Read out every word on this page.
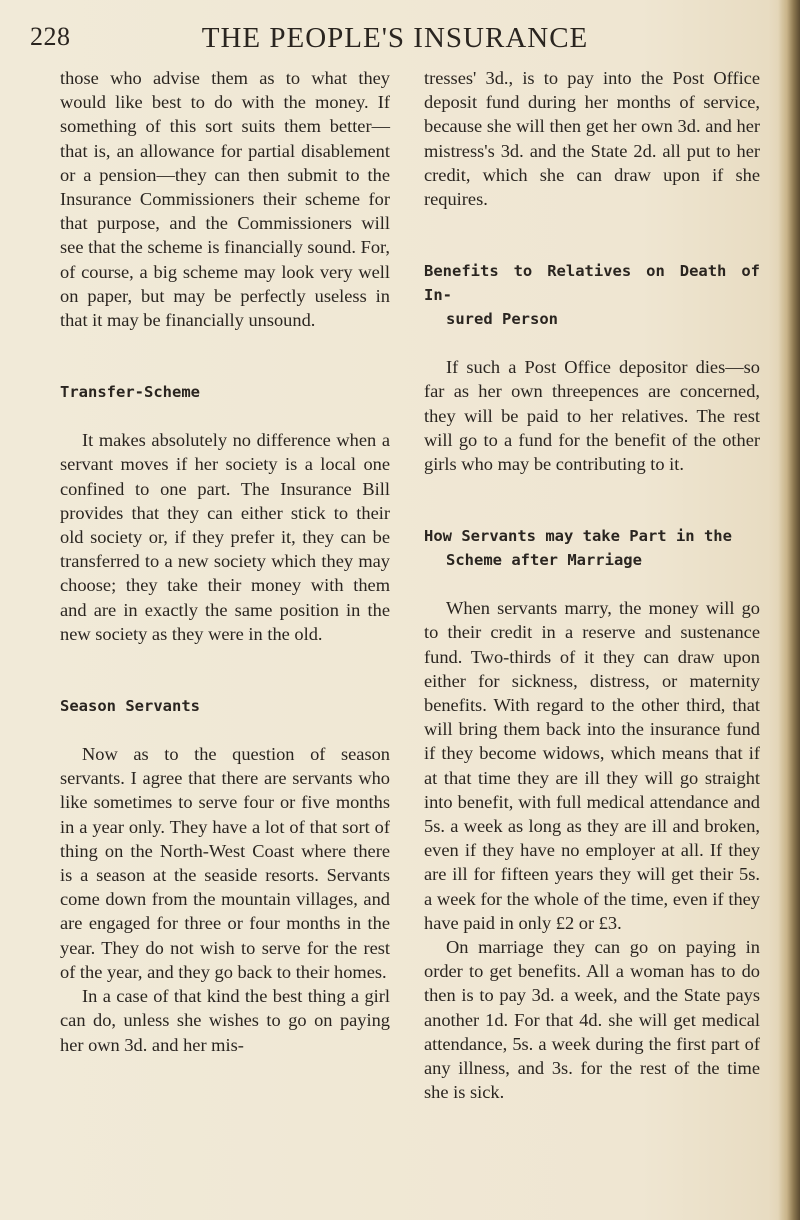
228	THE PEOPLE'S INSURANCE

those who advise them as to what they would like best to do with the money. If something of this sort suits them better—that is, an allowance for partial disablement or a pension—they can then submit to the Insurance Commissioners their scheme for that purpose, and the Commissioners will see that the scheme is financially sound. For, of course, a big scheme may look very well on paper, but may be perfectly useless in that it may be financially unsound.

Transfer-Scheme

It makes absolutely no difference when a servant moves if her society is a local one confined to one part. The Insurance Bill provides that they can either stick to their old society or, if they prefer it, they can be transferred to a new society which they may choose; they take their money with them and are in exactly the same position in the new society as they were in the old.

Season Servants

Now as to the question of season servants. I agree that there are servants who like sometimes to serve four or five months in a year only. They have a lot of that sort of thing on the North-West Coast where there is a season at the seaside resorts. Servants come down from the mountain villages, and are engaged for three or four months in the year. They do not wish to serve for the rest of the year, and they go back to their homes.

In a case of that kind the best thing a girl can do, unless she wishes to go on paying her own 3d. and her mis-

tresses' 3d., is to pay into the Post Office deposit fund during her months of service, because she will then get her own 3d. and her mistress's 3d. and the State 2d. all put to her credit, which she can draw upon if she requires.

Benefits to Relatives on Death of In-
sured Person

If such a Post Office depositor dies—so far as her own threepences are concerned, they will be paid to her relatives. The rest will go to a fund for the benefit of the other girls who may be contributing to it.

How Servants may take Part in the
Scheme after Marriage

When servants marry, the money will go to their credit in a reserve and sustenance fund. Two-thirds of it they can draw upon either for sickness, distress, or maternity benefits. With regard to the other third, that will bring them back into the insurance fund if they become widows, which means that if at that time they are ill they will go straight into benefit, with full medical attendance and 5s. a week as long as they are ill and broken, even if they have no employer at all. If they are ill for fifteen years they will get their 5s. a week for the whole of the time, even if they have paid in only £2 or £3.

On marriage they can go on paying in order to get benefits. All a woman has to do then is to pay 3d. a week, and the State pays another 1d. For that 4d. she will get medical attendance, 5s. a week during the first part of any illness, and 3s. for the rest of the time she is sick.
